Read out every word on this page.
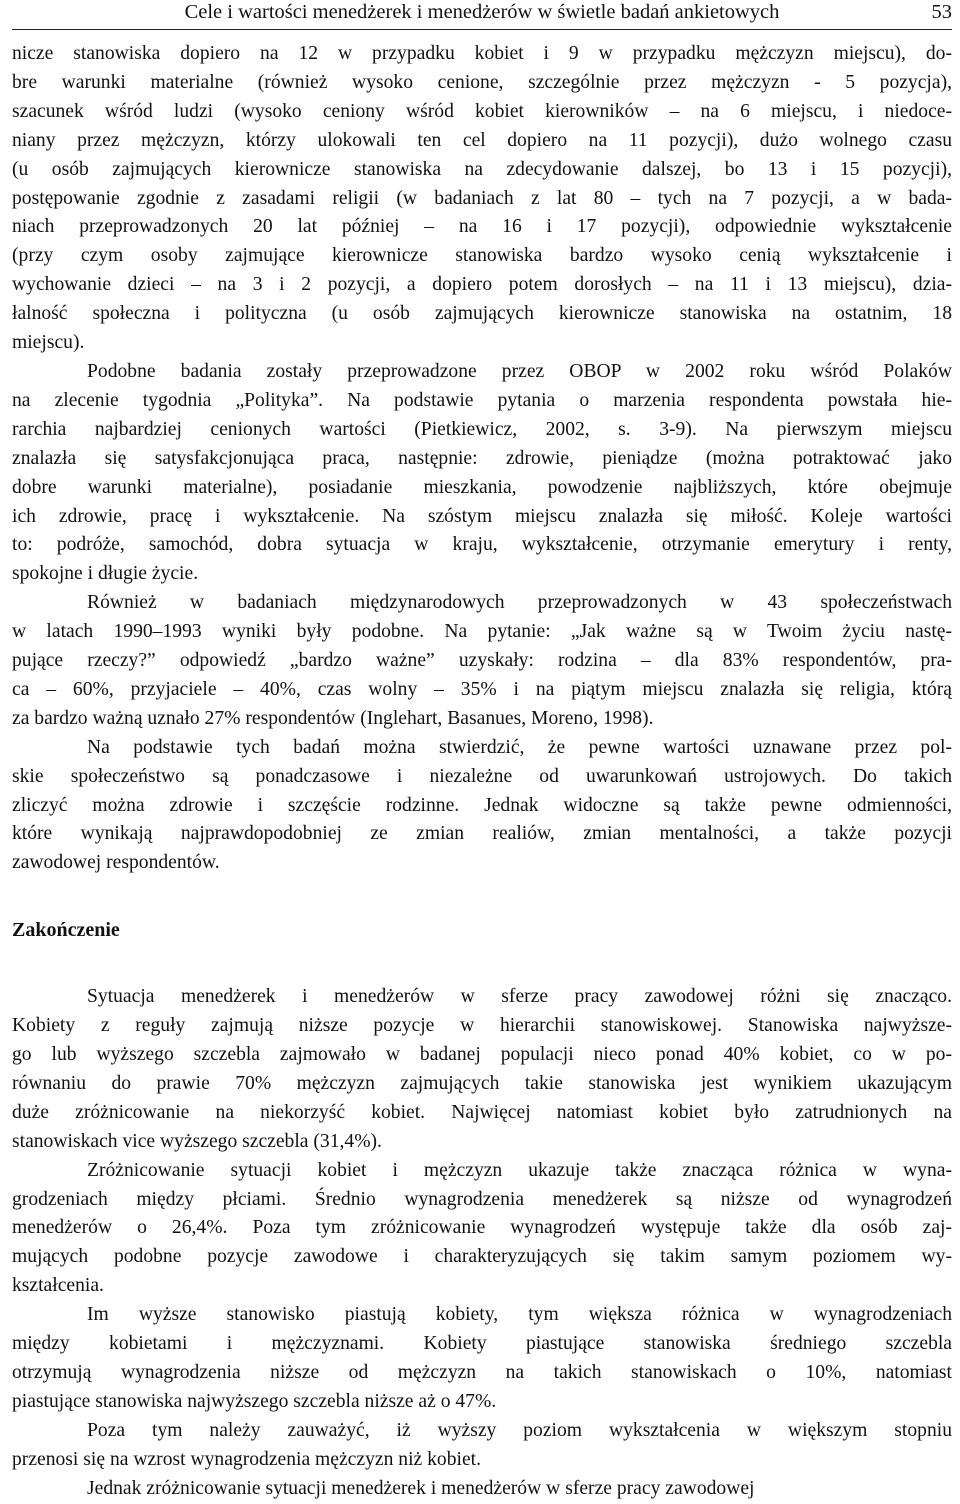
Cele i wartości menedżerek i menedżerów w świetle badań ankietowych	53
nicze stanowiska dopiero na 12 w przypadku kobiet i 9 w przypadku mężczyzn miejscu), do-
bre warunki materialne (również wysoko cenione, szczególnie przez mężczyzn - 5 pozycja),
szacunek wśród ludzi (wysoko ceniony wśród kobiet kierowników – na 6 miejscu, i niedoce-
niany przez mężczyzn, którzy ulokowali ten cel dopiero na 11 pozycji), dużo wolnego czasu
(u osób zajmujących kierownicze stanowiska na zdecydowanie dalszej, bo 13 i 15 pozycji),
postępowanie zgodnie z zasadami religii (w badaniach z lat 80 – tych na 7 pozycji, a w bada-
niach przeprowadzonych 20 lat później – na 16 i 17 pozycji), odpowiednie wykształcenie
(przy czym osoby zajmujące kierownicze stanowiska bardzo wysoko cenią wykształcenie i
wychowanie dzieci – na 3 i 2 pozycji, a dopiero potem dorosłych – na 11 i 13 miejscu), dzia-
łalność społeczna i polityczna (u osób zajmujących kierownicze stanowiska na ostatnim, 18
miejscu).
Podobne badania zostały przeprowadzone przez OBOP w 2002 roku wśród Polaków
na zlecenie tygodnia „Polityka”. Na podstawie pytania o marzenia respondenta powstała hie-
rarchia najbardziej cenionych wartości (Pietkiewicz, 2002, s. 3-9). Na pierwszym miejscu
znalazła się satysfakcjonująca praca, następnie: zdrowie, pieniądze (można potraktować jako
dobre warunki materialne), posiadanie mieszkania, powodzenie najbliższych, które obejmuje
ich zdrowie, pracę i wykształcenie. Na szóstym miejscu znalazła się miłość. Koleje wartości
to: podróże, samochód, dobra sytuacja w kraju, wykształcenie, otrzymanie emerytury i renty,
spokojne i długie życie.
Również w badaniach międzynarodowych przeprowadzonych w 43 społeczeństwach
w latach 1990–1993 wyniki były podobne. Na pytanie: „Jak ważne są w Twoim życiu nastę-
pujące rzeczy?” odpowiedź „bardzo ważne” uzyskały: rodzina – dla 83% respondentów, pra-
ca – 60%, przyjaciele – 40%, czas wolny – 35% i na piątym miejscu znalazła się religia, którą
za bardzo ważną uznało 27% respondentów (Inglehart, Basanues, Moreno, 1998).
Na podstawie tych badań można stwierdzić, że pewne wartości uznawane przez pol-
skie społeczeństwo są ponadczasowe i niezależne od uwarunkowań ustrojowych. Do takich
zliczyć można zdrowie i szczęście rodzinne. Jednak widoczne są także pewne odmienności,
które wynikają najprawdopodobniej ze zmian realiów, zmian mentalności, a także pozycji
zawodowej respondentów.
Zakończenie
Sytuacja menedżerek i menedżerów w sferze pracy zawodowej różni się znacząco.
Kobiety z reguły zajmują niższe pozycje w hierarchii stanowiskowej. Stanowiska najwyższe-
go lub wyższego szczebla zajmowało w badanej populacji nieco ponad 40% kobiet, co w po-
równaniu do prawie 70% mężczyzn zajmujących takie stanowiska jest wynikiem ukazującym
duże zróżnicowanie na niekorzyść kobiet. Najwięcej natomiast kobiet było zatrudnionych na
stanowiskach vice wyższego szczebla (31,4%).
Zróżnicowanie sytuacji kobiet i mężczyzn ukazuje także znacząca różnica w wyna-
grodzeniach między płciami. Średnio wynagrodzenia menedżerek są niższe od wynagrodzeń
menedżerów o 26,4%. Poza tym zróżnicowanie wynagrodzeń występuje także dla osób zaj-
mujących podobne pozycje zawodowe i charakteryzujących się takim samym poziomem wy-
kształcenia.
Im wyższe stanowisko piastują kobiety, tym większa różnica w wynagrodzeniach
między kobietami i mężczyznami. Kobiety piastujące stanowiska średniego szczebla
otrzymują wynagrodzenia niższe od mężczyzn na takich stanowiskach o 10%, natomiast
piastujące stanowiska najwyższego szczebla niższe aż o 47%.
Poza tym należy zauważyć, iż wyższy poziom wykształcenia w większym stopniu
przenosi się na wzrost wynagrodzenia mężczyzn niż kobiet.
Jednak zróżnicowanie sytuacji menedżerek i menedżerów w sferze pracy zawodowej
